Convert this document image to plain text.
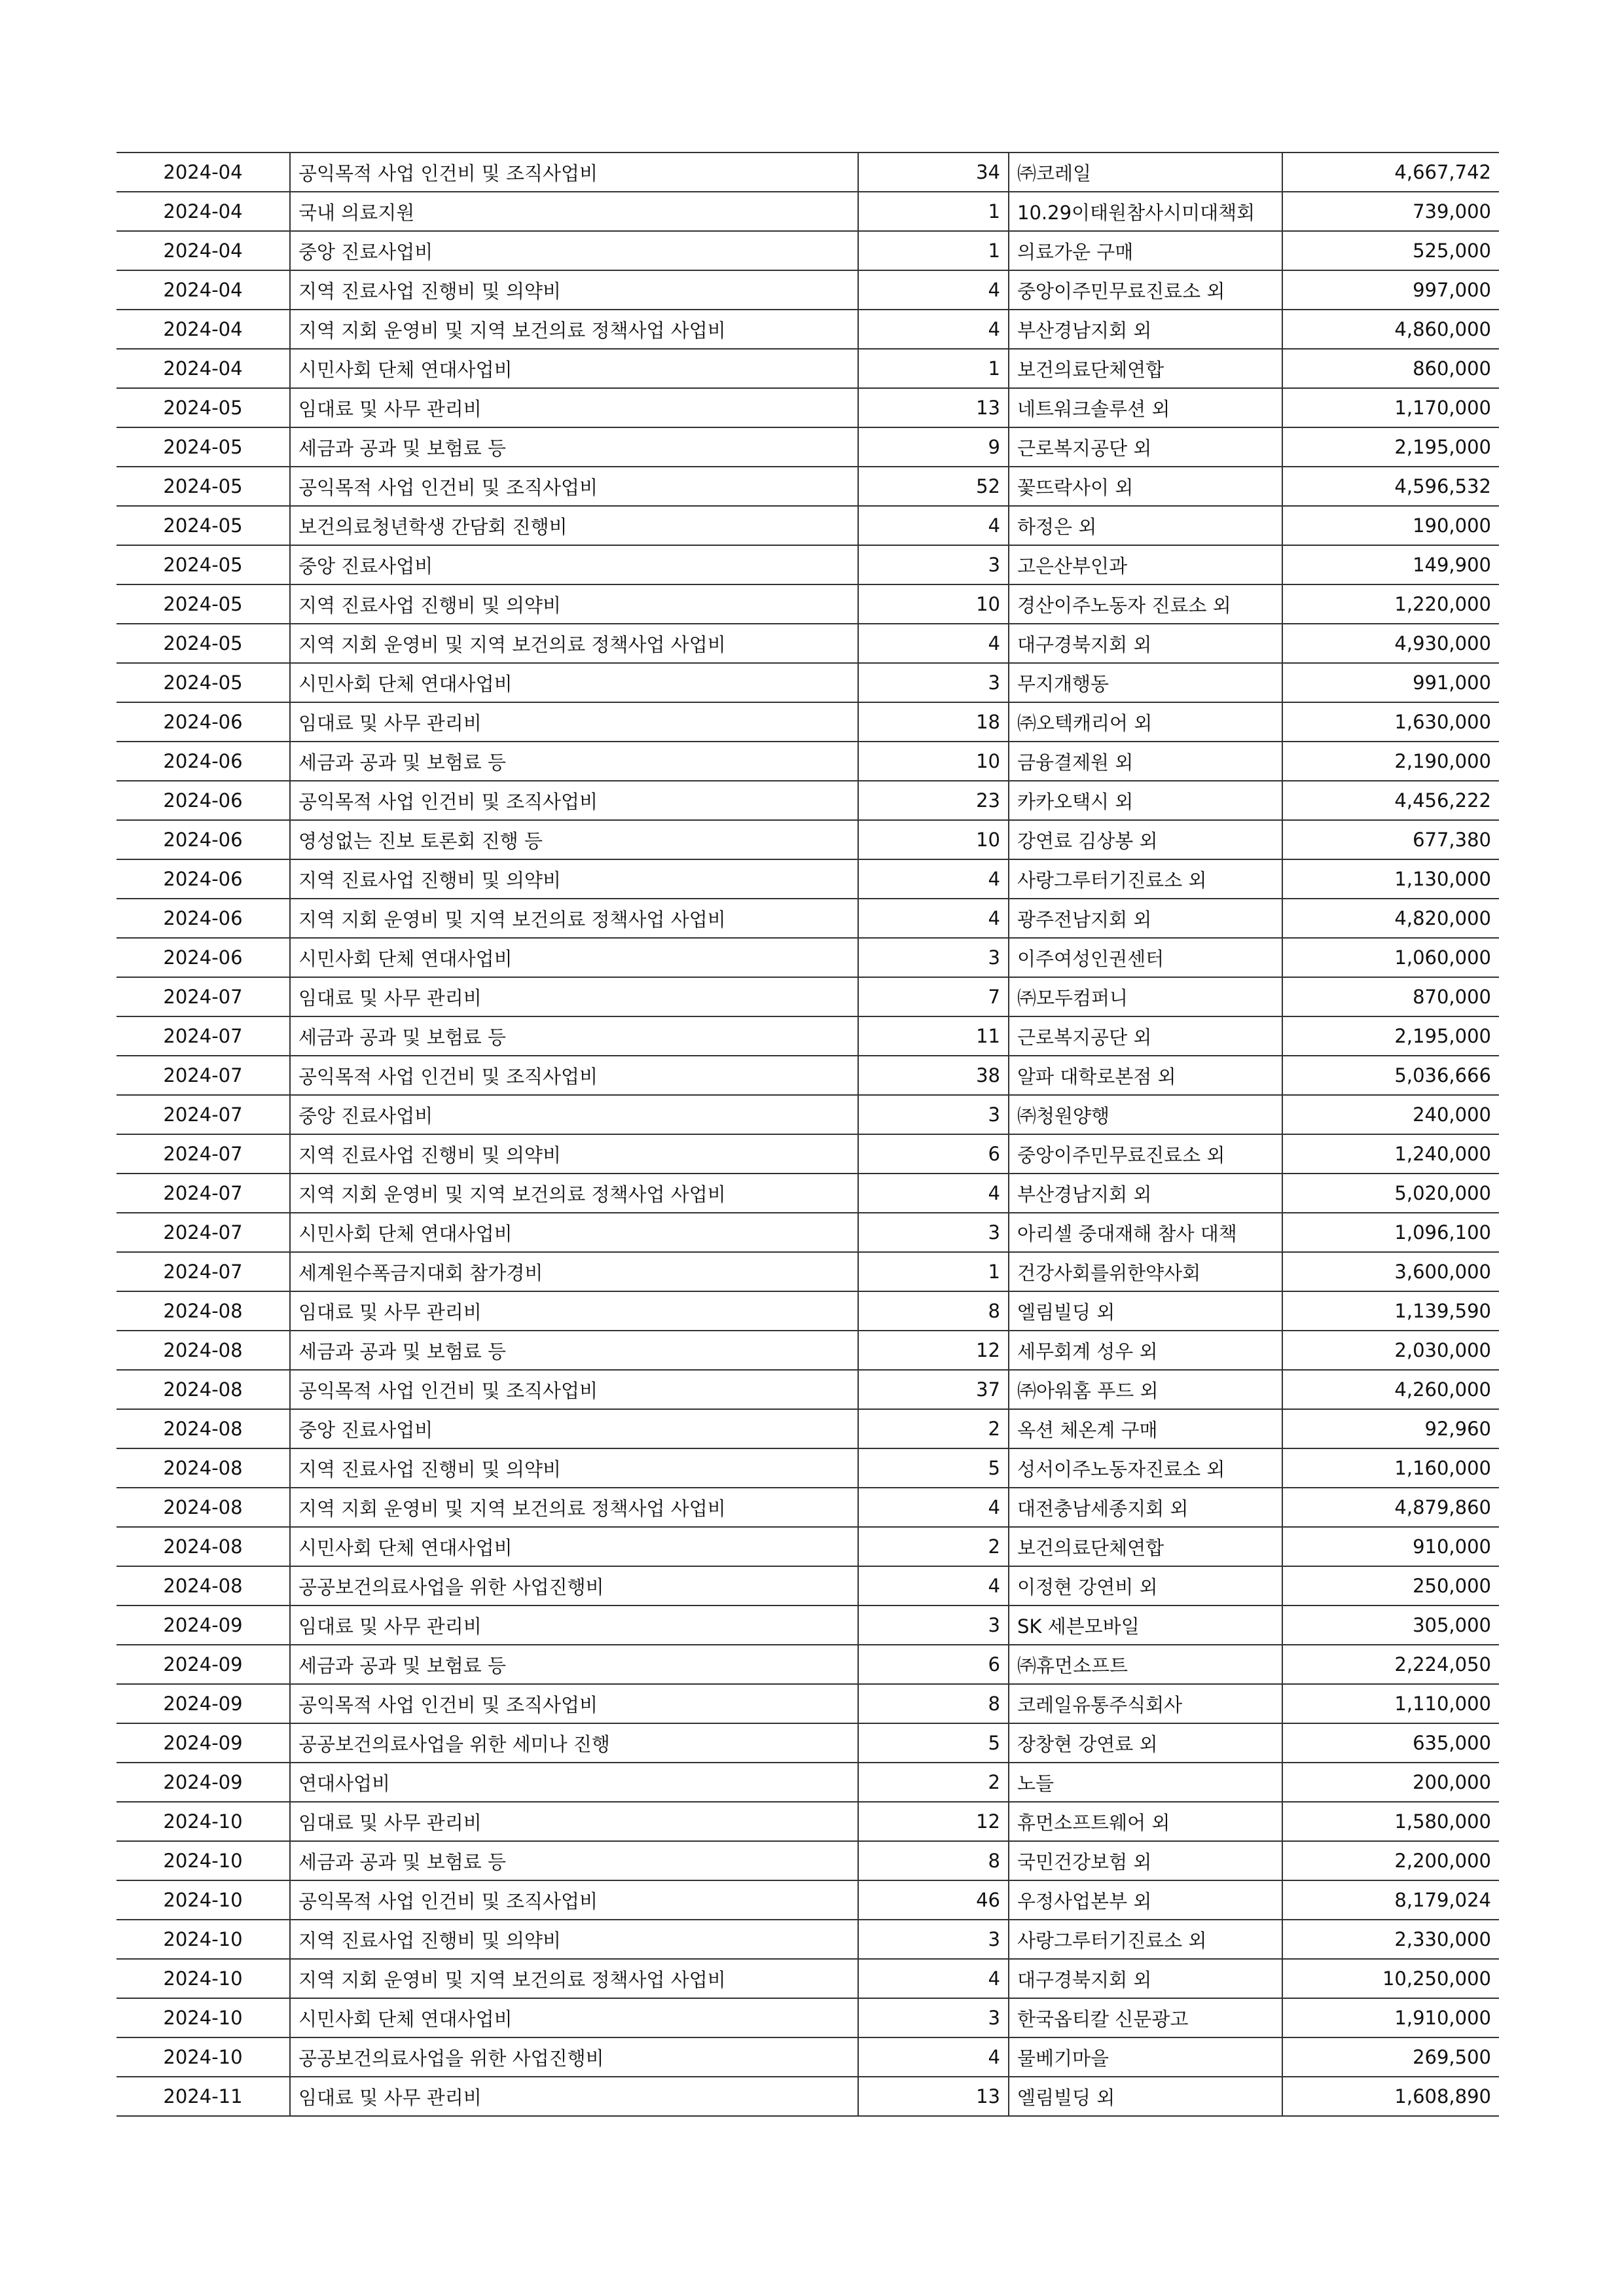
2024-04	공익목적 사업 인건비 및 조직사업비	34	㈜코레일	4,667,742
2024-04	국내 의료지원	1	10.29이태원참사시미대책회	739,000
2024-04	중앙 진료사업비	1	의료가운 구매	525,000
2024-04	지역 진료사업 진행비 및 의약비	4	중앙이주민무료진료소 외	997,000
2024-04	지역 지회 운영비 및 지역 보건의료 정책사업 사업비	4	부산경남지회 외	4,860,000
2024-04	시민사회 단체 연대사업비	1	보건의료단체연합	860,000
2024-05	임대료 및 사무 관리비	13	네트워크솔루션 외	1,170,000
2024-05	세금과 공과 및 보험료 등	9	근로복지공단 외	2,195,000
2024-05	공익목적 사업 인건비 및 조직사업비	52	꽃뜨락사이 외	4,596,532
2024-05	보건의료청년학생 간담회 진행비	4	하정은 외	190,000
2024-05	중앙 진료사업비	3	고은산부인과	149,900
2024-05	지역 진료사업 진행비 및 의약비	10	경산이주노동자 진료소 외	1,220,000
2024-05	지역 지회 운영비 및 지역 보건의료 정책사업 사업비	4	대구경북지회 외	4,930,000
2024-05	시민사회 단체 연대사업비	3	무지개행동	991,000
2024-06	임대료 및 사무 관리비	18	㈜오텍캐리어 외	1,630,000
2024-06	세금과 공과 및 보험료 등	10	금융결제원 외	2,190,000
2024-06	공익목적 사업 인건비 및 조직사업비	23	카카오택시 외	4,456,222
2024-06	영성없는 진보 토론회 진행 등	10	강연료 김상봉 외	677,380
2024-06	지역 진료사업 진행비 및 의약비	4	사랑그루터기진료소 외	1,130,000
2024-06	지역 지회 운영비 및 지역 보건의료 정책사업 사업비	4	광주전남지회 외	4,820,000
2024-06	시민사회 단체 연대사업비	3	이주여성인권센터	1,060,000
2024-07	임대료 및 사무 관리비	7	㈜모두컴퍼니	870,000
2024-07	세금과 공과 및 보험료 등	11	근로복지공단 외	2,195,000
2024-07	공익목적 사업 인건비 및 조직사업비	38	알파 대학로본점 외	5,036,666
2024-07	중앙 진료사업비	3	㈜청원양행	240,000
2024-07	지역 진료사업 진행비 및 의약비	6	중앙이주민무료진료소 외	1,240,000
2024-07	지역 지회 운영비 및 지역 보건의료 정책사업 사업비	4	부산경남지회 외	5,020,000
2024-07	시민사회 단체 연대사업비	3	아리셀 중대재해 참사 대책	1,096,100
2024-07	세계원수폭금지대회 참가경비	1	건강사회를위한약사회	3,600,000
2024-08	임대료 및 사무 관리비	8	엘림빌딩 외	1,139,590
2024-08	세금과 공과 및 보험료 등	12	세무회계 성우 외	2,030,000
2024-08	공익목적 사업 인건비 및 조직사업비	37	㈜아워홈 푸드 외	4,260,000
2024-08	중앙 진료사업비	2	옥션 체온계 구매	92,960
2024-08	지역 진료사업 진행비 및 의약비	5	성서이주노동자진료소 외	1,160,000
2024-08	지역 지회 운영비 및 지역 보건의료 정책사업 사업비	4	대전충남세종지회 외	4,879,860
2024-08	시민사회 단체 연대사업비	2	보건의료단체연합	910,000
2024-08	공공보건의료사업을 위한 사업진행비	4	이정현 강연비 외	250,000
2024-09	임대료 및 사무 관리비	3	SK 세븐모바일	305,000
2024-09	세금과 공과 및 보험료 등	6	㈜휴먼소프트	2,224,050
2024-09	공익목적 사업 인건비 및 조직사업비	8	코레일유통주식회사	1,110,000
2024-09	공공보건의료사업을 위한 세미나 진행	5	장창현 강연료 외	635,000
2024-09	연대사업비	2	노들	200,000
2024-10	임대료 및 사무 관리비	12	휴먼소프트웨어 외	1,580,000
2024-10	세금과 공과 및 보험료 등	8	국민건강보험 외	2,200,000
2024-10	공익목적 사업 인건비 및 조직사업비	46	우정사업본부 외	8,179,024
2024-10	지역 진료사업 진행비 및 의약비	3	사랑그루터기진료소 외	2,330,000
2024-10	지역 지회 운영비 및 지역 보건의료 정책사업 사업비	4	대구경북지회 외	10,250,000
2024-10	시민사회 단체 연대사업비	3	한국옵티칼 신문광고	1,910,000
2024-10	공공보건의료사업을 위한 사업진행비	4	물베기마을	269,500
2024-11	임대료 및 사무 관리비	13	엘림빌딩 외	1,608,890
